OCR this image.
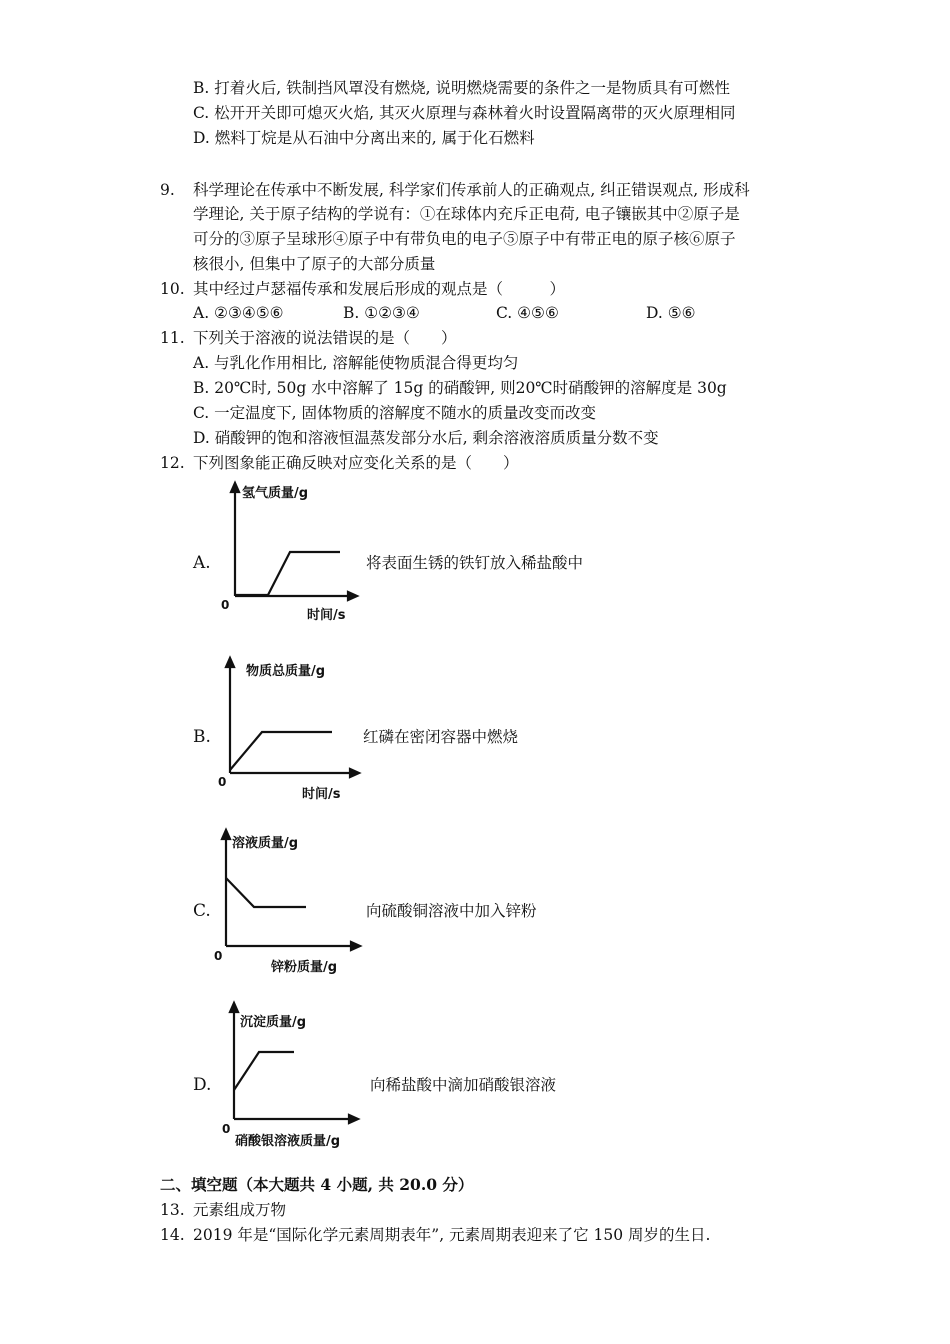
B. 打着火后, 铁制挡风罩没有燃烧, 说明燃烧需要的条件之一是物质具有可燃性
C. 松开开关即可熄灭火焰, 其灭火原理与森林着火时设置隔离带的灭火原理相同
D. 燃料丁烷是从石油中分离出来的, 属于化石燃料
9. 科学理论在传承中不断发展, 科学家们传承前人的正确观点, 纠正错误观点, 形成科
学理论, 关于原子结构的学说有：①在球体内充斥正电荷, 电子镶嵌其中②原子是
可分的③原子呈球形④原子中有带负电的电子⑤原子中有带正电的原子核⑥原子
核很小, 但集中了原子的大部分质量
10. 其中经过卢瑟福传承和发展后形成的观点是（　　　）
A. ②③④⑤⑥	B. ①②③④	C. ④⑤⑥	D. ⑤⑥
11. 下列关于溶液的说法错误的是（　　）
A. 与乳化作用相比, 溶解能使物质混合得更均匀
B. 20℃时, 50g 水中溶解了 15g 的硝酸钾, 则20℃时硝酸钾的溶解度是 30g
C. 一定温度下, 固体物质的溶解度不随水的质量改变而改变
D. 硝酸钾的饱和溶液恒温蒸发部分水后, 剩余溶液溶质质量分数不变
12. 下列图象能正确反映对应变化关系的是（　　）
A.
氢气质量/g
0
时间/s
将表面生锈的铁钉放入稀盐酸中
B.
物质总质量/g
0
时间/s
红磷在密闭容器中燃烧
C.
溶液质量/g
0
锌粉质量/g
向硫酸铜溶液中加入锌粉
D.
沉淀质量/g
0
硝酸银溶液质量/g
向稀盐酸中滴加硝酸银溶液
二、填空题（本大题共 4 小题, 共 20.0 分）
13. 元素组成万物
14. 2019 年是“国际化学元素周期表年”, 元素周期表迎来了它 150 周岁的生日.
